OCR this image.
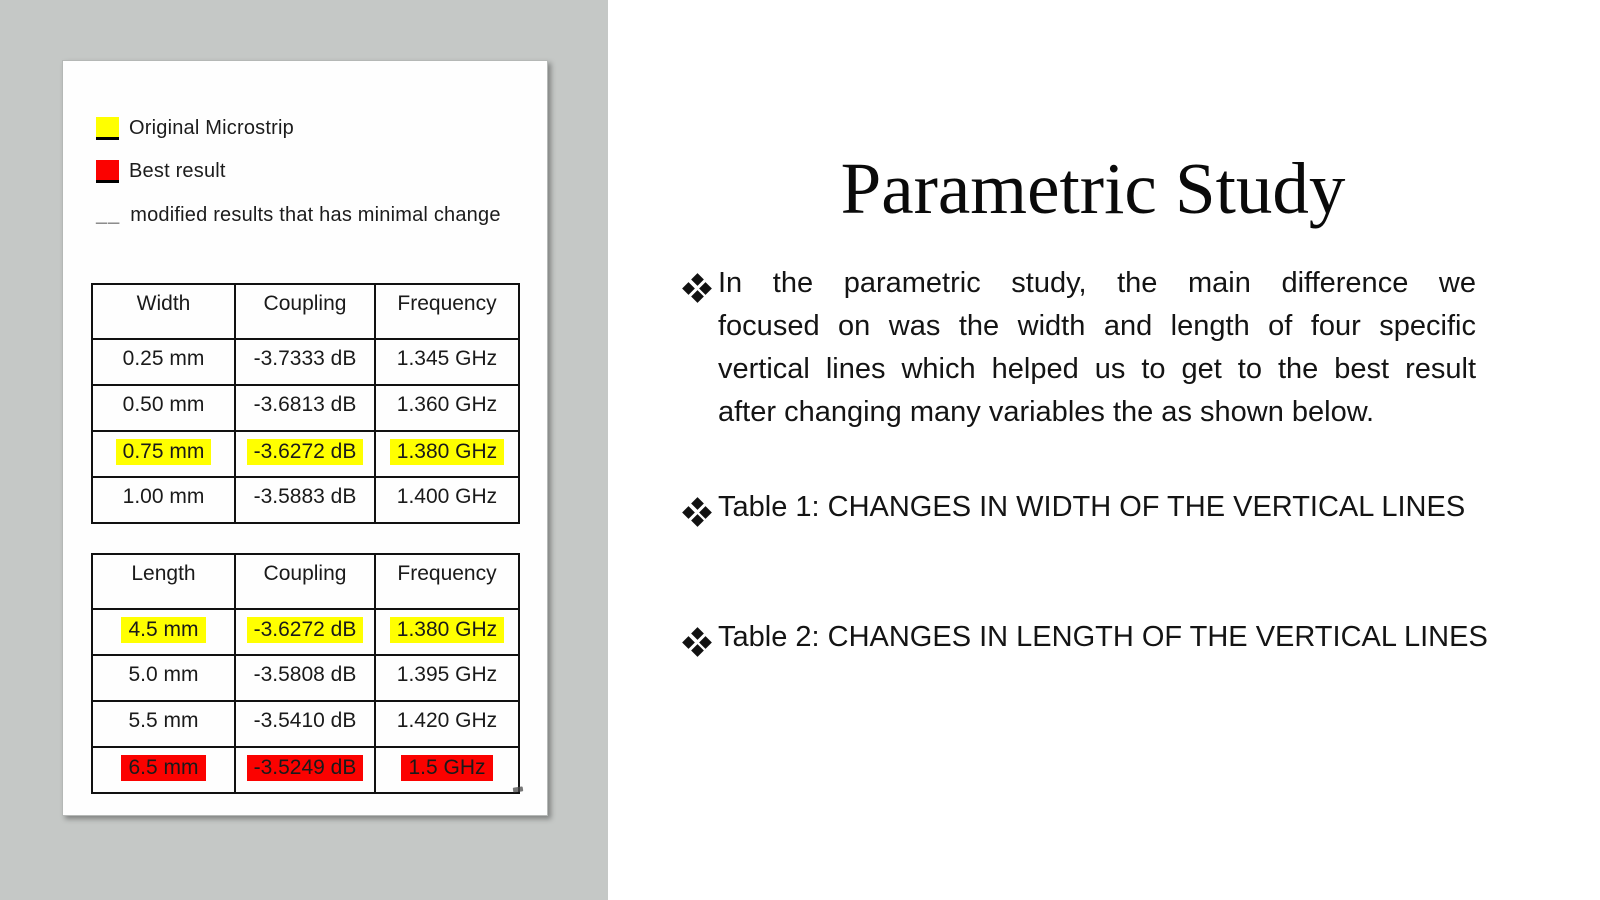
Original Microstrip
Best result
__ modified results that has minimal change
Width	Coupling	Frequency
0.25 mm	-3.7333 dB	1.345 GHz
0.50 mm	-3.6813 dB	1.360 GHz
0.75 mm	-3.6272 dB	1.380 GHz
1.00 mm	-3.5883 dB	1.400 GHz
Length	Coupling	Frequency
4.5 mm	-3.6272 dB	1.380 GHz
5.0 mm	-3.5808 dB	1.395 GHz
5.5 mm	-3.5410 dB	1.420 GHz
6.5 mm	-3.5249 dB	1.5 GHz
Parametric Study
In the parametric study, the main difference we
focused on was the width and length of four specific
vertical lines which helped us to get to the best result
after changing many variables the as shown below.
Table 1: CHANGES IN WIDTH OF THE VERTICAL LINES
Table 2: CHANGES IN LENGTH OF THE VERTICAL LINES
